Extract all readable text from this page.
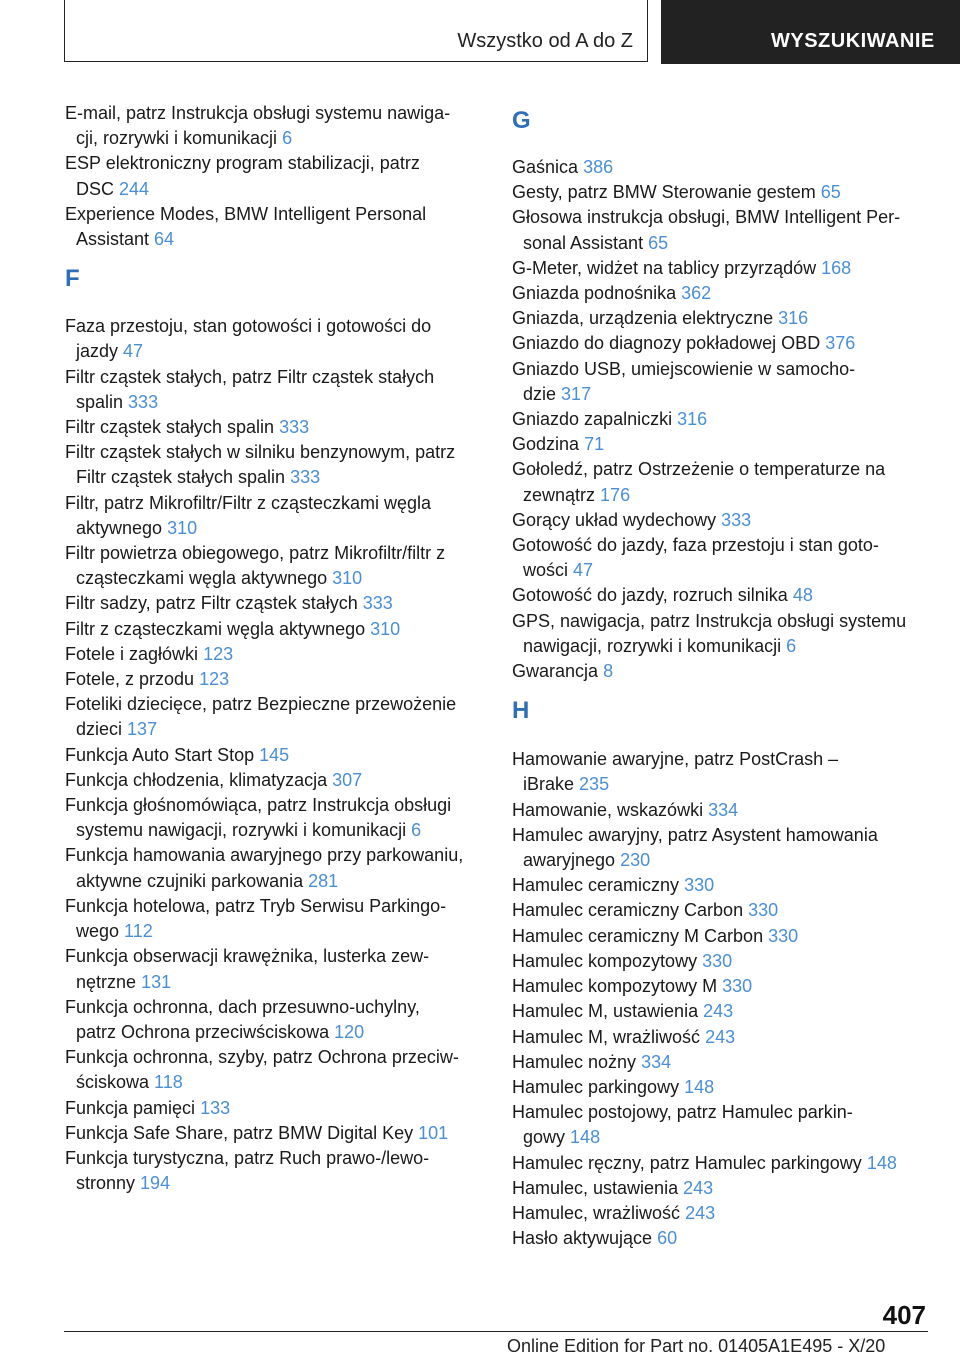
Wszystko od A do Z	WYSZUKIWANIE
E-mail, patrz Instrukcja obsługi systemu nawiga-
cji, rozrywki i komunikacji 6
ESP elektroniczny program stabilizacji, patrz
DSC 244
Experience Modes, BMW Intelligent Personal
Assistant 64
F
Faza przestoju, stan gotowości i gotowości do
jazdy 47
Filtr cząstek stałych, patrz Filtr cząstek stałych
spalin 333
Filtr cząstek stałych spalin 333
Filtr cząstek stałych w silniku benzynowym, patrz
Filtr cząstek stałych spalin 333
Filtr, patrz Mikrofiltr/Filtr z cząsteczkami węgla
aktywnego 310
Filtr powietrza obiegowego, patrz Mikrofiltr/filtr z
cząsteczkami węgla aktywnego 310
Filtr sadzy, patrz Filtr cząstek stałych 333
Filtr z cząsteczkami węgla aktywnego 310
Fotele i zagłówki 123
Fotele, z przodu 123
Foteliki dziecięce, patrz Bezpieczne przewożenie
dzieci 137
Funkcja Auto Start Stop 145
Funkcja chłodzenia, klimatyzacja 307
Funkcja głośnomówiąca, patrz Instrukcja obsługi
systemu nawigacji, rozrywki i komunikacji 6
Funkcja hamowania awaryjnego przy parkowaniu,
aktywne czujniki parkowania 281
Funkcja hotelowa, patrz Tryb Serwisu Parkingo-
wego 112
Funkcja obserwacji krawężnika, lusterka zew-
nętrzne 131
Funkcja ochronna, dach przesuwno-uchylny,
patrz Ochrona przeciwściskowa 120
Funkcja ochronna, szyby, patrz Ochrona przeciw-
ściskowa 118
Funkcja pamięci 133
Funkcja Safe Share, patrz BMW Digital Key 101
Funkcja turystyczna, patrz Ruch prawo-/lewo-
stronny 194
G
Gaśnica 386
Gesty, patrz BMW Sterowanie gestem 65
Głosowa instrukcja obsługi, BMW Intelligent Per-
sonal Assistant 65
G-Meter, widżet na tablicy przyrządów 168
Gniazda podnośnika 362
Gniazda, urządzenia elektryczne 316
Gniazdo do diagnozy pokładowej OBD 376
Gniazdo USB, umiejscowienie w samocho-
dzie 317
Gniazdo zapalniczki 316
Godzina 71
Gołoledź, patrz Ostrzeżenie o temperaturze na
zewnątrz 176
Gorący układ wydechowy 333
Gotowość do jazdy, faza przestoju i stan goto-
wości 47
Gotowość do jazdy, rozruch silnika 48
GPS, nawigacja, patrz Instrukcja obsługi systemu
nawigacji, rozrywki i komunikacji 6
Gwarancja 8
H
Hamowanie awaryjne, patrz PostCrash –
iBrake 235
Hamowanie, wskazówki 334
Hamulec awaryjny, patrz Asystent hamowania
awaryjnego 230
Hamulec ceramiczny 330
Hamulec ceramiczny Carbon 330
Hamulec ceramiczny M Carbon 330
Hamulec kompozytowy 330
Hamulec kompozytowy M 330
Hamulec M, ustawienia 243
Hamulec M, wrażliwość 243
Hamulec nożny 334
Hamulec parkingowy 148
Hamulec postojowy, patrz Hamulec parkin-
gowy 148
Hamulec ręczny, patrz Hamulec parkingowy 148
Hamulec, ustawienia 243
Hamulec, wrażliwość 243
Hasło aktywujące 60
407
Online Edition for Part no. 01405A1E495 - X/20
